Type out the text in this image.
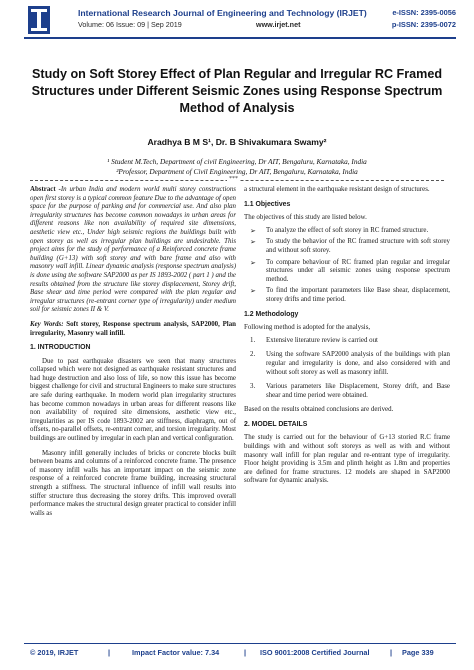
International Research Journal of Engineering and Technology (IRJET)
Volume: 06 Issue: 09 | Sep 2019	www.irjet.net
e-ISSN: 2395-0056
p-ISSN: 2395-0072
Study on Soft Storey Effect of Plan Regular and Irregular RC Framed
Structures under Different Seismic Zones using Response Spectrum
Method of Analysis
Aradhya B M S¹, Dr. B Shivakumara Swamy²
¹ Student M.Tech, Department of civil Engineering, Dr AIT, Bengaluru, Karnataka, India
²Professor, Department of Civil Engineering, Dr AIT, Bengaluru, Karnataka, India
***

Abstract -In urban India and modern world multi storey constructions open first storey is a typical common feature Due to the advantage of open space for the purpose of parking and for commercial use. And also plan irregularity structures has become common nowadays in urban areas for different reasons like non availability of required site dimensions, aesthetic view etc., Under high seismic regions the buildings built with open storey as well as irregular plan buildings are undesirable. This project aims for the study of performance of a Reinforced concrete frame building (G+13) with soft storey and with bare frame and also with masonry wall infill. Linear dynamic analysis (response spectrum analysis) is done using the software SAP2000 as per IS 1893-2002 ( part 1 ) and the results obtained from the structure like storey displacement, Storey drift, Base shear and time period were compared with the plan regular and irregular structures (re-entrant corner type of irregularity) under medium soil for seismic zones II & V.

Key Words: Soft storey, Response spectrum analysis, SAP2000, Plan irregularity, Masonry wall infill.

1. INTRODUCTION

Due to past earthquake disasters we seen that many structures collapsed which were not designed as earthquake resistant structures and had huge destruction and also loss of life, so now this issue has become biggest challenge for civil and structural Engineers to make sure structures are safe during earthquake. In modern world plan irregularity structures has become common nowadays in urban areas for different reasons like non availability of required site dimensions, aesthetic view etc., irregularities as per IS code 1893-2002 are stiffness, diaphragm, out of offsets, no-parallel offsets, re-entrant corner, and torsion irregularity. Most buildings are outlined by irregular in each plan and vertical configuration.

Masonry infill generally includes of bricks or concrete blocks built between beams and columns of a reinforced concrete frame. The presence of masonry infill walls has an important impact on the seismic zone response of a reinforced concrete frame building, increasing structural strength a stiffness. The structural influence of infill wall results into stiffer structure thus decreasing the storey drifts. This improved overall performance makes the structural design greater practical to consider infill walls as

a structural element in the earthquake resistant design of structures.

1.1 Objectives

The objectives of this study are listed below.

➢ To analyze the effect of soft storey in RC framed structure.
➢ To study the behavior of the RC framed structure with soft storey and without soft storey.
➢ To compare behaviour of RC framed plan regular and irregular structures under all seismic zones using response spectrum method.
➢ To find the important parameters like Base shear, displacement, storey drifts and time period.
1.2 Methodology

Following method is adopted for the analysis,

1. Extensive literature review is carried out
2. Using the software SAP2000 analysis of the buildings with plan regular and irregularity is done, and also considered with and without soft storey as well as masonry infill.
3. Various parameters like Displacement, Storey drift, and Base shear and time period were obtained.

Based on the results obtained conclusions are derived.

2. MODEL DETAILS

The study is carried out for the behaviour of G+13 storied R.C frame buildings with and without soft storeys as well as with and without masonry wall infill for plan regular and re-entrant type of irregularity. Floor height providing is 3.5m and plinth height as 1.8m and properties are defined for frame structures. 12 models are shaped in SAP2000 software for dynamic analysis.

© 2019, IRJET	|	Impact Factor value: 7.34	| ISO 9001:2008 Certified Journal	| Page 339
